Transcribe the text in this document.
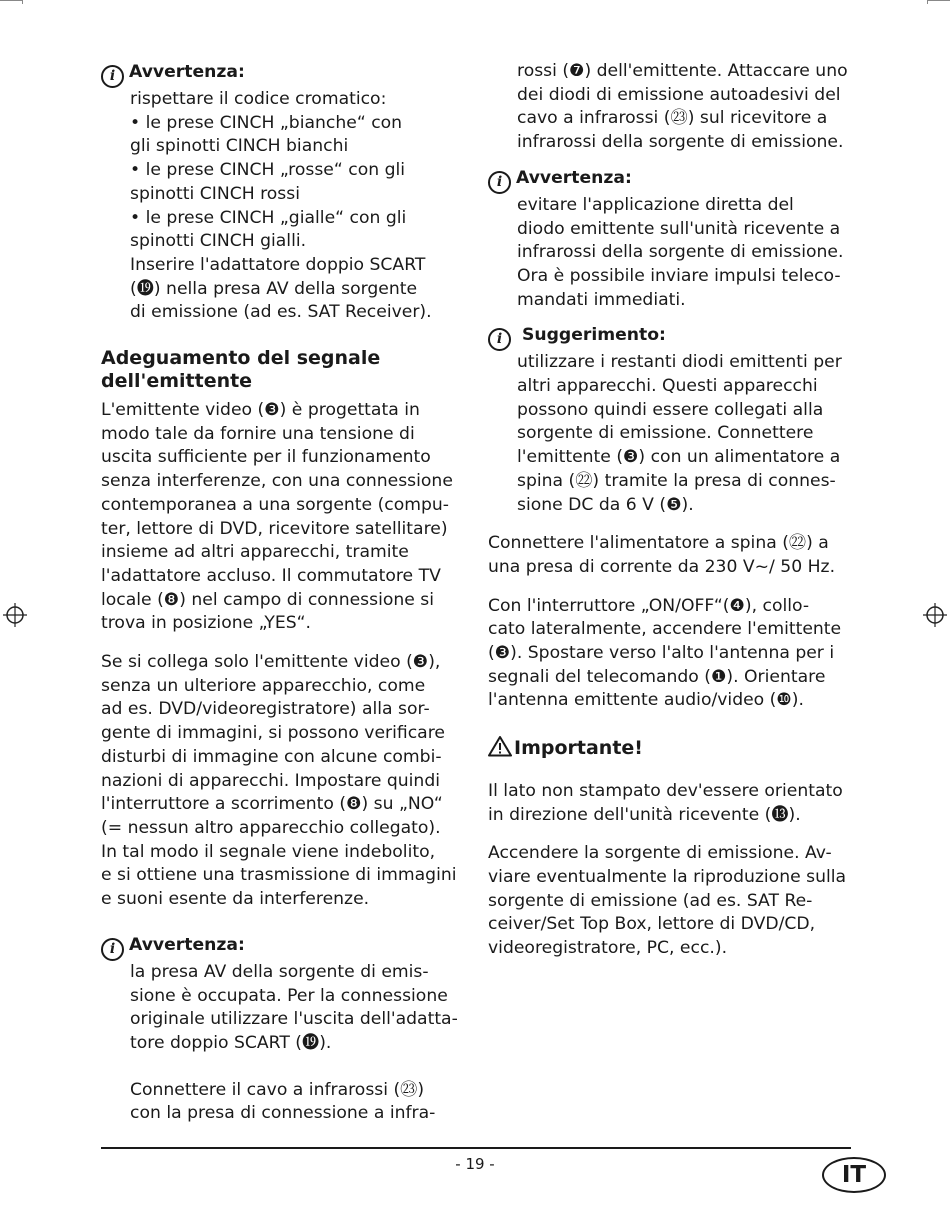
i Avvertenza:
rispettare il codice cromatico:
• le prese CINCH „bianche“ con
gli spinotti CINCH bianchi
• le prese CINCH „rosse“ con gli
spinotti CINCH rossi
• le prese CINCH „gialle“ con gli
spinotti CINCH gialli.
Inserire l'adattatore doppio SCART
(⓳) nella presa AV della sorgente
di emissione (ad es. SAT Receiver).
Adeguamento del segnale
dell'emittente
L'emittente video (❸) è progettata in
modo tale da fornire una tensione di
uscita sufficiente per il funzionamento
senza interferenze, con una connessione
contemporanea a una sorgente (compu-
ter, lettore di DVD, ricevitore satellitare)
insieme ad altri apparecchi, tramite
l'adattatore accluso. Il commutatore TV
locale (❽) nel campo di connessione si
trova in posizione „YES“.
Se si collega solo l'emittente video (❸),
senza un ulteriore apparecchio, come
ad es. DVD/videoregistratore) alla sor-
gente di immagini, si possono verificare
disturbi di immagine con alcune combi-
nazioni di apparecchi. Impostare quindi
l'interruttore a scorrimento (❽) su „NO“
(= nessun altro apparecchio collegato).
In tal modo il segnale viene indebolito,
e si ottiene una trasmissione di immagini
e suoni esente da interferenze.
i Avvertenza:
la presa AV della sorgente di emis-
sione è occupata. Per la connessione
originale utilizzare l'uscita dell'adatta-
tore doppio SCART (⓳).
Connettere il cavo a infrarossi (㉓)
con la presa di connessione a infra-
rossi (❼) dell'emittente. Attaccare uno
dei diodi di emissione autoadesivi del
cavo a infrarossi (㉓) sul ricevitore a
infrarossi della sorgente di emissione.
i Avvertenza:
evitare l'applicazione diretta del
diodo emittente sull'unità ricevente a
infrarossi della sorgente di emissione.
Ora è possibile inviare impulsi teleco-
mandati immediati.
i Suggerimento:
utilizzare i restanti diodi emittenti per
altri apparecchi. Questi apparecchi
possono quindi essere collegati alla
sorgente di emissione. Connettere
l'emittente (❸) con un alimentatore a
spina (㉒) tramite la presa di connes-
sione DC da 6 V (❺).
Connettere l'alimentatore a spina (㉒) a
una presa di corrente da 230 V~/ 50 Hz.
Con l'interruttore „ON/OFF“(❹), collo-
cato lateralmente, accendere l'emittente
(❸). Spostare verso l'alto l'antenna per i
segnali del telecomando (❶). Orientare
l'antenna emittente audio/video (❿).
Importante!
Il lato non stampato dev'essere orientato
in direzione dell'unità ricevente (⓭).
Accendere la sorgente di emissione. Av-
viare eventualmente la riproduzione sulla
sorgente di emissione (ad es. SAT Re-
ceiver/Set Top Box, lettore di DVD/CD,
videoregistratore, PC, ecc.).
- 19 -	IT
